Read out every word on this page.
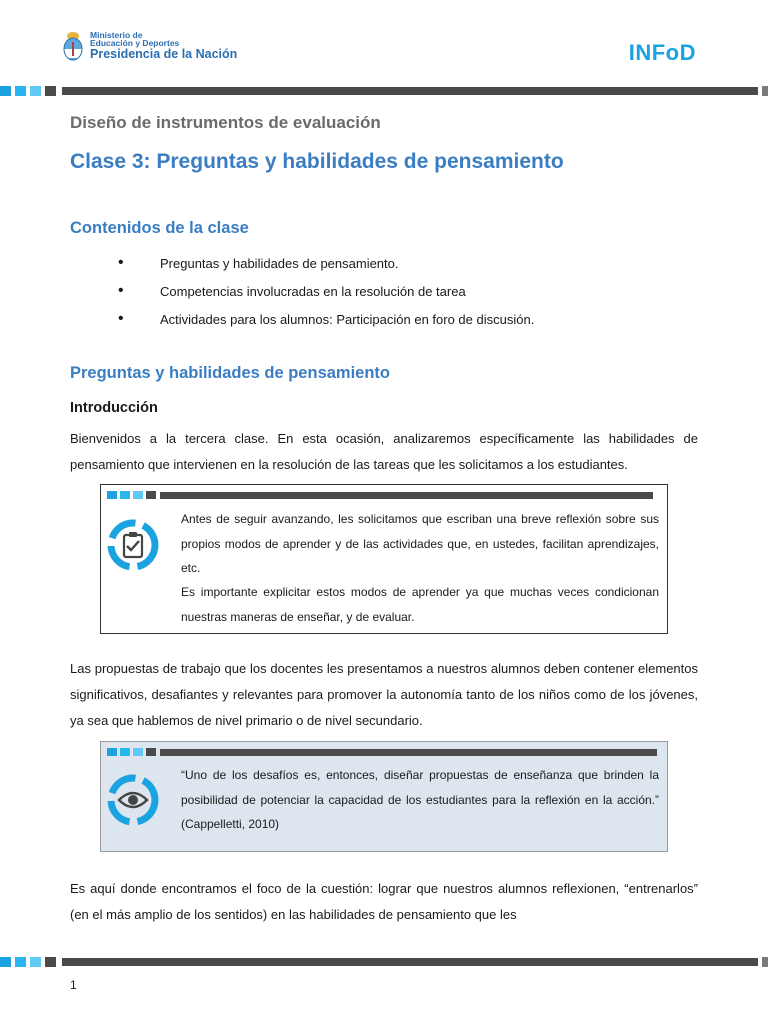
Ministerio de
Educación y Deportes
Presidencia de la Nación	INFoD
Diseño de instrumentos de evaluación
Clase 3: Preguntas y habilidades de pensamiento
Contenidos de la clase
• Preguntas y habilidades de pensamiento.
• Competencias involucradas en la resolución de tarea
• Actividades para los alumnos: Participación en foro de discusión.
Preguntas y habilidades de pensamiento
Introducción
Bienvenidos a la tercera clase. En esta ocasión, analizaremos específicamente las habilidades de pensamiento que intervienen en la resolución de las tareas que les solicitamos a los estudiantes.
Antes de seguir avanzando, les solicitamos que escriban una breve reflexión sobre sus propios modos de aprender y de las actividades que, en ustedes, facilitan aprendizajes, etc.
Es importante explicitar estos modos de aprender ya que muchas veces condicionan nuestras maneras de enseñar, y de evaluar.
Las propuestas de trabajo que los docentes les presentamos a nuestros alumnos deben contener elementos significativos, desafiantes y relevantes para promover la autonomía tanto de los niños como de los jóvenes, ya sea que hablemos de nivel primario o de nivel secundario.
“Uno de los desafíos es, entonces, diseñar propuestas de enseñanza que brinden la posibilidad de potenciar la capacidad de los estudiantes para la reflexión en la acción.” (Cappelletti, 2010)
Es aquí donde encontramos el foco de la cuestión: lograr que nuestros alumnos reflexionen, “entrenarlos” (en el más amplio de los sentidos) en las habilidades de pensamiento que les
1
